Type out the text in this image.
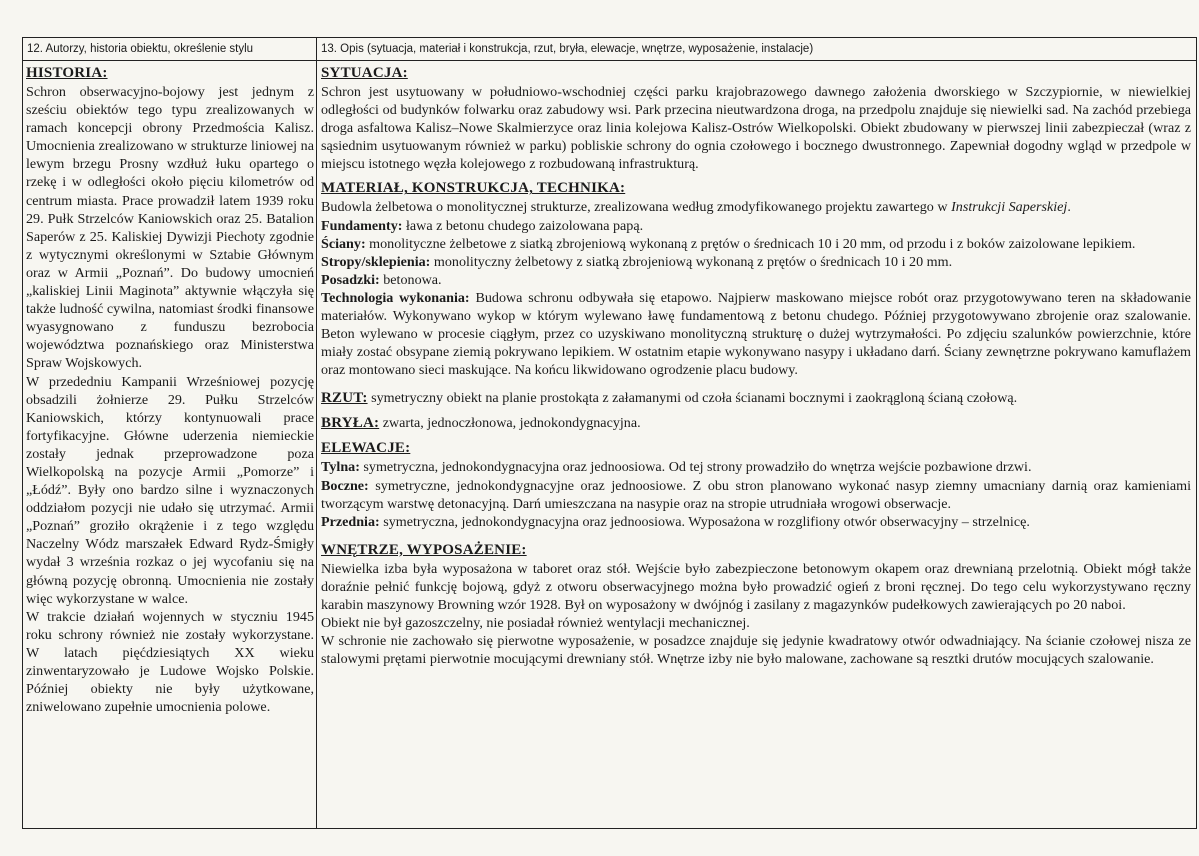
12. Autorzy, historia obiektu, określenie stylu	13. Opis (sytuacja, materiał i konstrukcja, rzut, bryła, elewacje, wnętrze, wyposażenie, instalacje)

HISTORIA:

Schron obserwacyjno-bojowy jest jednym z sześciu obiektów tego typu zrealizowanych w ramach koncepcji obrony Przedmościa Kalisz. Umocnienia zrealizowano w strukturze liniowej na lewym brzegu Prosny wzdłuż łuku opartego o rzekę i w odległości około pięciu kilometrów od centrum miasta. Prace prowadził latem 1939 roku 29. Pułk Strzelców Kaniowskich oraz 25. Batalion Saperów z 25. Kaliskiej Dywizji Piechoty zgodnie z wytycznymi określonymi w Sztabie Głównym oraz w Armii „Poznań”. Do budowy umocnień „kaliskiej Linii Maginota” aktywnie włączyła się także ludność cywilna, natomiast środki finansowe wyasygnowano z funduszu bezrobocia województwa poznańskiego oraz Ministerstwa Spraw Wojskowych.

W przededniu Kampanii Wrześniowej pozycję obsadzili żołnierze 29. Pułku Strzelców Kaniowskich, którzy kontynuowali prace fortyfikacyjne. Główne uderzenia niemieckie zostały jednak przeprowadzone poza Wielkopolską na pozycje Armii „Pomorze” i „Łódź”. Były ono bardzo silne i wyznaczonych oddziałom pozycji nie udało się utrzymać. Armii „Poznań” groziło okrążenie i z tego względu Naczelny Wódz marszałek Edward Rydz-Śmigły wydał 3 września rozkaz o jej wycofaniu się na główną pozycję obronną. Umocnienia nie zostały więc wykorzystane w walce.

W trakcie działań wojennych w styczniu 1945 roku schrony również nie zostały wykorzystane. W latach pięćdziesiątych XX wieku zinwentaryzowało je Ludowe Wojsko Polskie. Później obiekty nie były użytkowane, zniwelowano zupełnie umocnienia polowe.

SYTUACJA:

Schron jest usytuowany w południowo-wschodniej części parku krajobrazowego dawnego założenia dworskiego w Szczypiornie, w niewielkiej odległości od budynków folwarku oraz zabudowy wsi. Park przecina nieutwardzona droga, na przedpolu znajduje się niewielki sad. Na zachód przebiega droga asfaltowa Kalisz–Nowe Skalmierzyce oraz linia kolejowa Kalisz-Ostrów Wielkopolski. Obiekt zbudowany w pierwszej linii zabezpieczał (wraz z sąsiednim usytuowanym również w parku) pobliskie schrony do ognia czołowego i bocznego dwustronnego. Zapewniał dogodny wgląd w przedpole w miejscu istotnego węzła kolejowego z rozbudowaną infrastrukturą.

MATERIAŁ, KONSTRUKCJA, TECHNIKA:

Budowla żelbetowa o monolitycznej strukturze, zrealizowana według zmodyfikowanego projektu zawartego w Instrukcji Saperskiej.

Fundamenty: ława z betonu chudego zaizolowana papą.

Ściany: monolityczne żelbetowe z siatką zbrojeniową wykonaną z prętów o średnicach 10 i 20 mm, od przodu i z boków zaizolowane lepikiem.

Stropy/sklepienia: monolityczny żelbetowy z siatką zbrojeniową wykonaną z prętów o średnicach 10 i 20 mm.

Posadzki: betonowa.

Technologia wykonania: Budowa schronu odbywała się etapowo. Najpierw maskowano miejsce robót oraz przygotowywano teren na składowanie materiałów. Wykonywano wykop w którym wylewano ławę fundamentową z betonu chudego. Później przygotowywano zbrojenie oraz szalowanie. Beton wylewano w procesie ciągłym, przez co uzyskiwano monolityczną strukturę o dużej wytrzymałości. Po zdjęciu szalunków powierzchnie, które miały zostać obsypane ziemią pokrywano lepikiem. W ostatnim etapie wykonywano nasypy i układano darń. Ściany zewnętrzne pokrywano kamuflażem oraz montowano sieci maskujące. Na końcu likwidowano ogrodzenie placu budowy.

RZUT: symetryczny obiekt na planie prostokąta z załamanymi od czoła ścianami bocznymi i zaokrągloną ścianą czołową.

BRYŁA: zwarta, jednoczłonowa, jednokondygnacyjna.

ELEWACJE:

Tylna: symetryczna, jednokondygnacyjna oraz jednoosiowa. Od tej strony prowadziło do wnętrza wejście pozbawione drzwi.

Boczne: symetryczne, jednokondygnacyjne oraz jednoosiowe. Z obu stron planowano wykonać nasyp ziemny umacniany darnią oraz kamieniami tworzącym warstwę detonacyjną. Darń umieszczana na nasypie oraz na stropie utrudniała wrogowi obserwacje.

Przednia: symetryczna, jednokondygnacyjna oraz jednoosiowa. Wyposażona w rozglifiony otwór obserwacyjny – strzelnicę.

WNĘTRZE, WYPOSAŻENIE:

Niewielka izba była wyposażona w taboret oraz stół. Wejście było zabezpieczone betonowym okapem oraz drewnianą przelotnią. Obiekt mógł także doraźnie pełnić funkcję bojową, gdyż z otworu obserwacyjnego można było prowadzić ogień z broni ręcznej. Do tego celu wykorzystywano ręczny karabin maszynowy Browning wzór 1928. Był on wyposażony w dwójnóg i zasilany z magazynków pudełkowych zawierających po 20 naboi.

Obiekt nie był gazoszczelny, nie posiadał również wentylacji mechanicznej.

W schronie nie zachowało się pierwotne wyposażenie, w posadzce znajduje się jedynie kwadratowy otwór odwadniający. Na ścianie czołowej nisza ze stalowymi prętami pierwotnie mocującymi drewniany stół. Wnętrze izby nie było malowane, zachowane są resztki drutów mocujących szalowanie.
